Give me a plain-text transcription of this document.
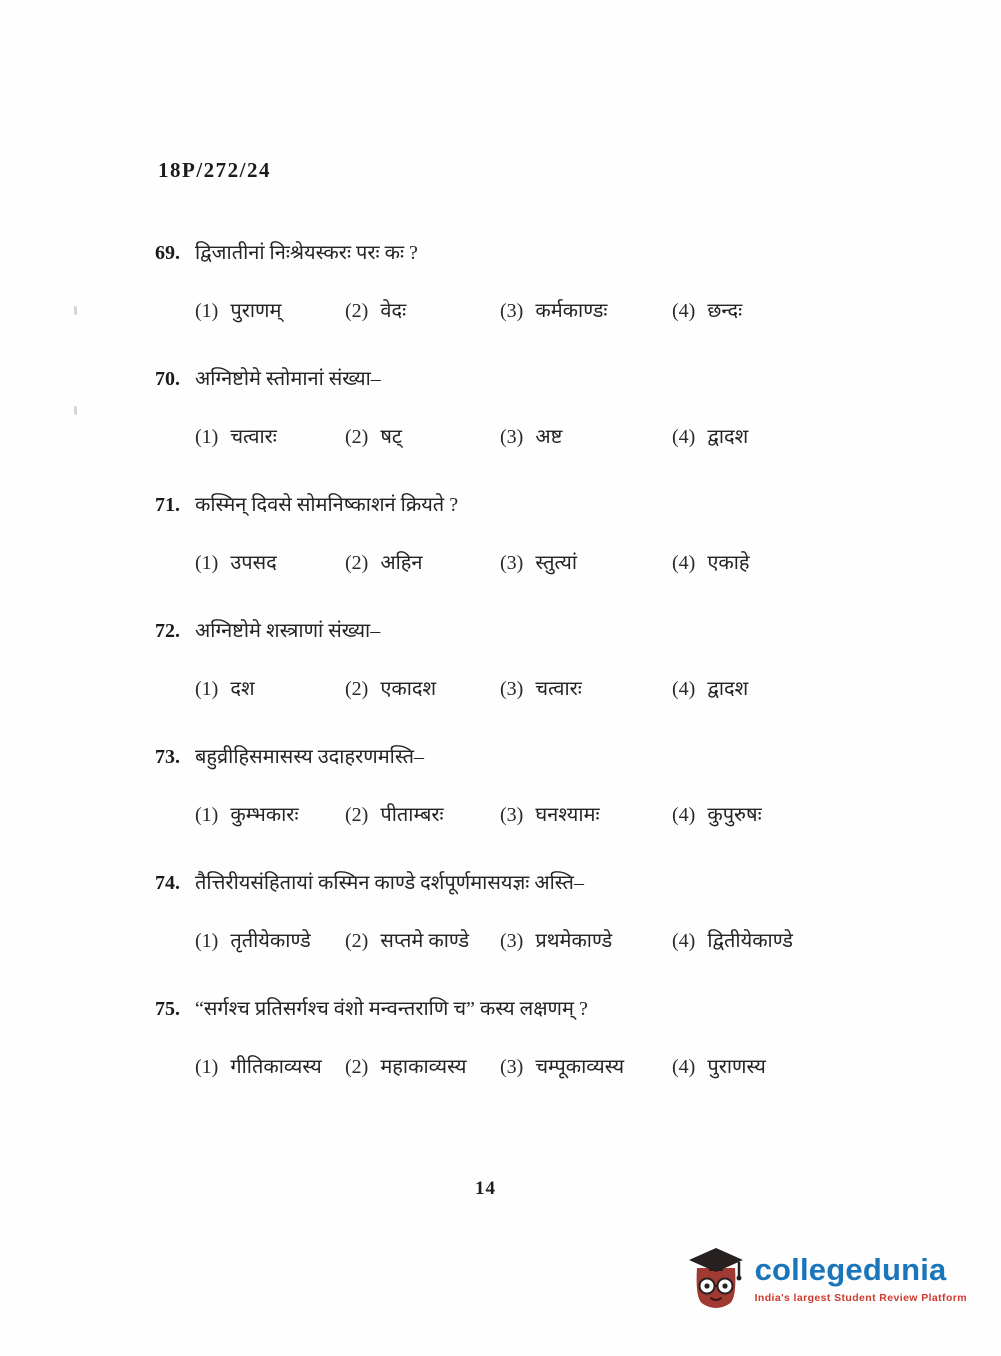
18P/272/24
69. द्विजातीनां निःश्रेयस्करः परः कः ?
(1) पुराणम्	(2) वेदः	(3) कर्मकाण्डः	(4) छन्दः
70. अग्निष्टोमे स्तोमानां संख्या–
(1) चत्वारः	(2) षट्	(3) अष्ट	(4) द्वादश
71. कस्मिन् दिवसे सोमनिष्काशनं क्रियते ?
(1) उपसद	(2) अहिन	(3) स्तुत्यां	(4) एकाहे
72. अग्निष्टोमे शस्त्राणां संख्या–
(1) दश	(2) एकादश	(3) चत्वारः	(4) द्वादश
73. बहुव्रीहिसमासस्य उदाहरणमस्ति–
(1) कुम्भकारः (2) पीताम्बरः	(3) घनश्यामः	(4) कुपुरुषः
74. तैत्तिरीयसंहितायां कस्मिन काण्डे दर्शपूर्णमासयज्ञः अस्ति–
(1) तृतीयेकाण्डे (2) सप्तमे काण्डे (3) प्रथमेकाण्डे	(4) द्वितीयेकाण्डे
75. “सर्गश्च प्रतिसर्गश्च वंशो मन्वन्तराणि च” कस्य लक्षणम् ?
(1) गीतिकाव्यस्य (2) महाकाव्यस्य (3) चम्पूकाव्यस्य (4) पुराणस्य
14
collegedunia
India's largest Student Review Platform
